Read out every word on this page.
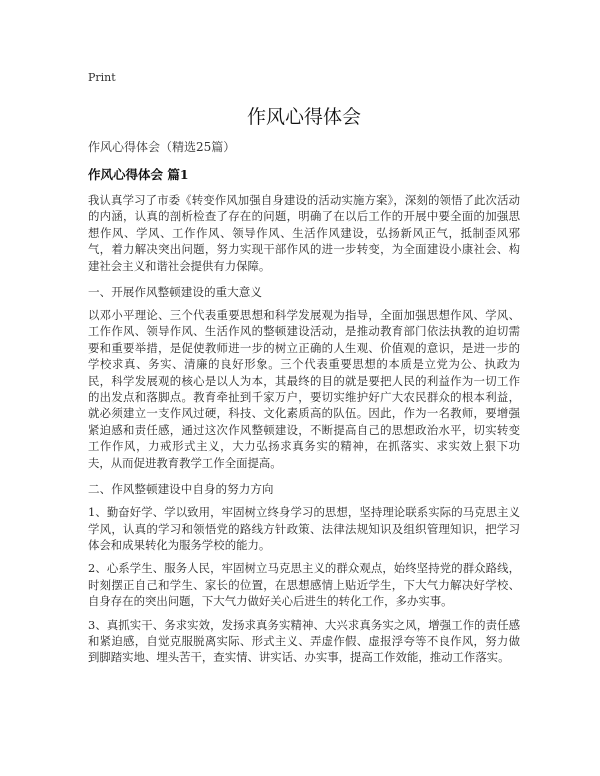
Print
作风心得体会
作风心得体会（精选25篇）
作风心得体会 篇1
我认真学习了市委《转变作风加强自身建设的活动实施方案》，深刻的领悟了此次活动的内涵，认真的剖析检查了存在的问题，明确了在以后工作的开展中要全面的加强思想作风、学风、工作作风、领导作风、生活作风建设，弘扬新风正气，抵制歪风邪气，着力解决突出问题，努力实现干部作风的进一步转变，为全面建设小康社会、构建社会主义和谐社会提供有力保障。
一、开展作风整顿建设的重大意义
以邓小平理论、三个代表重要思想和科学发展观为指导，全面加强思想作风、学风、工作作风、领导作风、生活作风的整顿建设活动，是推动教育部门依法执教的迫切需要和重要举措，是促使教师进一步的树立正确的人生观、价值观的意识，是进一步的学校求真、务实、清廉的良好形象。三个代表重要思想的本质是立党为公、执政为民，科学发展观的核心是以人为本，其最终的目的就是要把人民的利益作为一切工作的出发点和落脚点。教育牵扯到千家万户，要切实维护好广大农民群众的根本利益，就必须建立一支作风过硬，科技、文化素质高的队伍。因此，作为一名教师，要增强紧迫感和责任感，通过这次作风整顿建设，不断提高自己的思想政治水平，切实转变工作作风，力戒形式主义，大力弘扬求真务实的精神，在抓落实、求实效上狠下功夫，从而促进教育教学工作全面提高。
二、作风整顿建设中自身的努力方向
1、勤奋好学、学以致用，牢固树立终身学习的思想，坚持理论联系实际的马克思主义学风，认真的学习和领悟党的路线方针政策、法律法规知识及组织管理知识，把学习体会和成果转化为服务学校的能力。
2、心系学生、服务人民，牢固树立马克思主义的群众观点，始终坚持党的群众路线，时刻摆正自己和学生、家长的位置，在思想感情上贴近学生，下大气力解决好学校、自身存在的突出问题，下大气力做好关心后进生的转化工作，多办实事。
3、真抓实干、务求实效，发扬求真务实精神、大兴求真务实之风，增强工作的责任感和紧迫感，自觉克服脱离实际、形式主义、弄虚作假、虚报浮夸等不良作风，努力做到脚踏实地、埋头苦干，查实情、讲实话、办实事，提高工作效能，推动工作落实。
